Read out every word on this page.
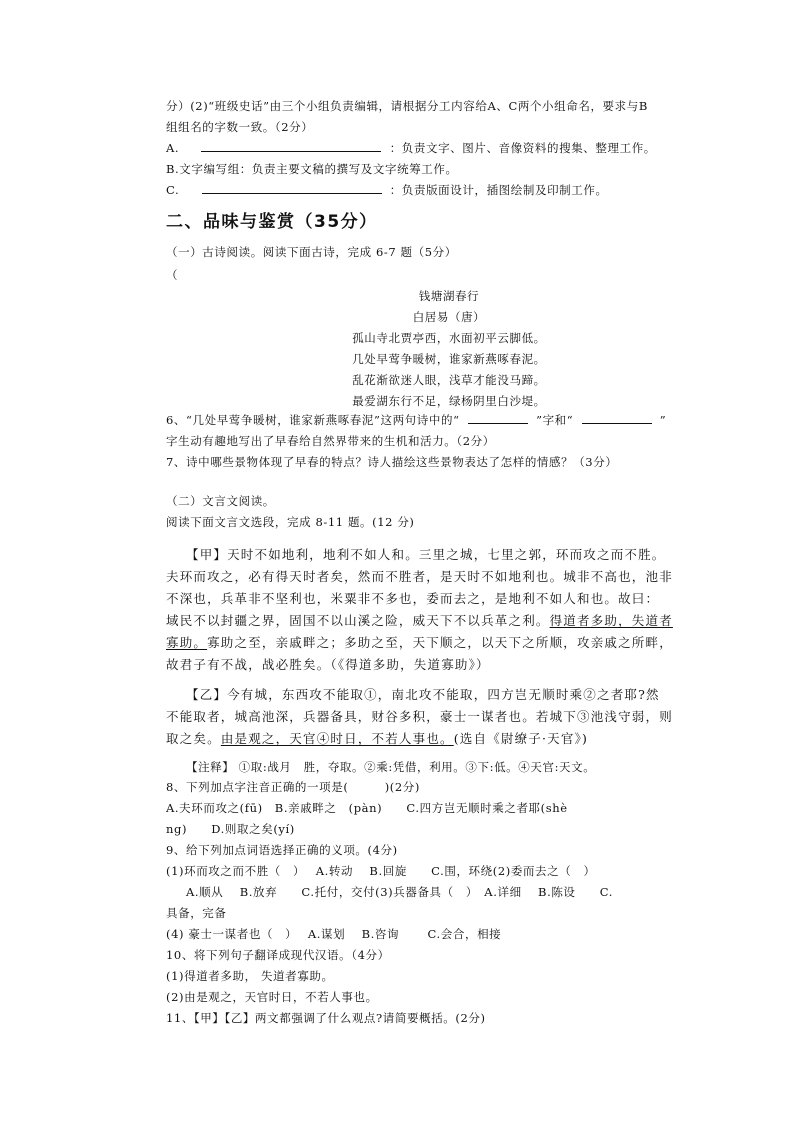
分）(2)“班级史话”由三个小组负责编辑，请根据分工内容给A、C两个小组命名，要求与B
组组名的字数一致。（2分）
A.	：负责文字、图片、音像资料的搜集、整理工作。
B.文字编写组：负责主要文稿的撰写及文字统筹工作。
C.	：负责版面设计，插图绘制及印制工作。
二、品味与鉴赏（35分）
（一）古诗阅读。阅读下面古诗，完成 6-7 题（5分）
（
钱塘湖春行
白居易（唐）
孤山寺北贾亭西，水面初平云脚低。
几处早莺争暖树，谁家新燕啄春泥。
乱花渐欲迷人眼，浅草才能没马蹄。
最爱湖东行不足，绿杨阴里白沙堤。
6、“几处早莺争暖树，谁家新燕啄春泥”这两句诗中的“	”字和“	”
字生动有趣地写出了早春给自然界带来的生机和活力。（2分）
7、诗中哪些景物体现了早春的特点？诗人描绘这些景物表达了怎样的情感？（3分）
（二）文言文阅读。
阅读下面文言文选段，完成 8-11 题。(12 分)
【甲】天时不如地利，地利不如人和。三里之城，七里之郭，环而攻之而不胜。
夫环而攻之，必有得天时者矣，然而不胜者，是天时不如地利也。城非不高也，池非
不深也，兵革非不坚利也，米粟非不多也，委而去之，是地利不如人和也。故曰：
域民不以封疆之界，固国不以山溪之险，威天下不以兵革之利。得道者多助，失道者
寡助。寡助之至，亲戚畔之；多助之至，天下顺之，以天下之所顺，攻亲戚之所畔，
故君子有不战，战必胜矣。（《得道多助，失道寡助》）
【乙】今有城，东西攻不能取①，南北攻不能取，四方岂无顺时乘②之者耶?然
不能取者，城高池深，兵器备具，财谷多积，豪士一谋者也。若城下③池浅守弱，则
取之矣。由是观之，天官④时日，不若人事也。(选自《尉缭子·天官》)
【注释】 ①取:战月　胜，夺取。②乘:凭借，利用。③下:低。④天官:天文。
8、下列加点字注音正确的一项是(　　　)(2分)
A.夫环而攻之(fū)　B.亲戚畔之　(pàn)　　C.四方岂无顺时乘之者耶(shè
ng)　　D.则取之矣(yí)
9、给下列加点词语选择正确的义项。(4分)
(1)环而攻之而不胜（　）　 A.转动　 B.回旋　　C.围，环绕(2)委而去之（　）
A.顺从　 B.放弃　　C.托付，交付(3)兵器备具（　）　A.详细　 B.陈设　　C.
具备，完备
(4) 豪士一谋者也（　）　 A.谋划　 B.咨询　　 C.会合，相接
10、将下列句子翻译成现代汉语。（4分）
(1)得道者多助， 失道者寡助。
(2)由是观之，天官时日，不若人事也。
11、【甲】【乙】两文都强调了什么观点?请简要概括。(2分)
